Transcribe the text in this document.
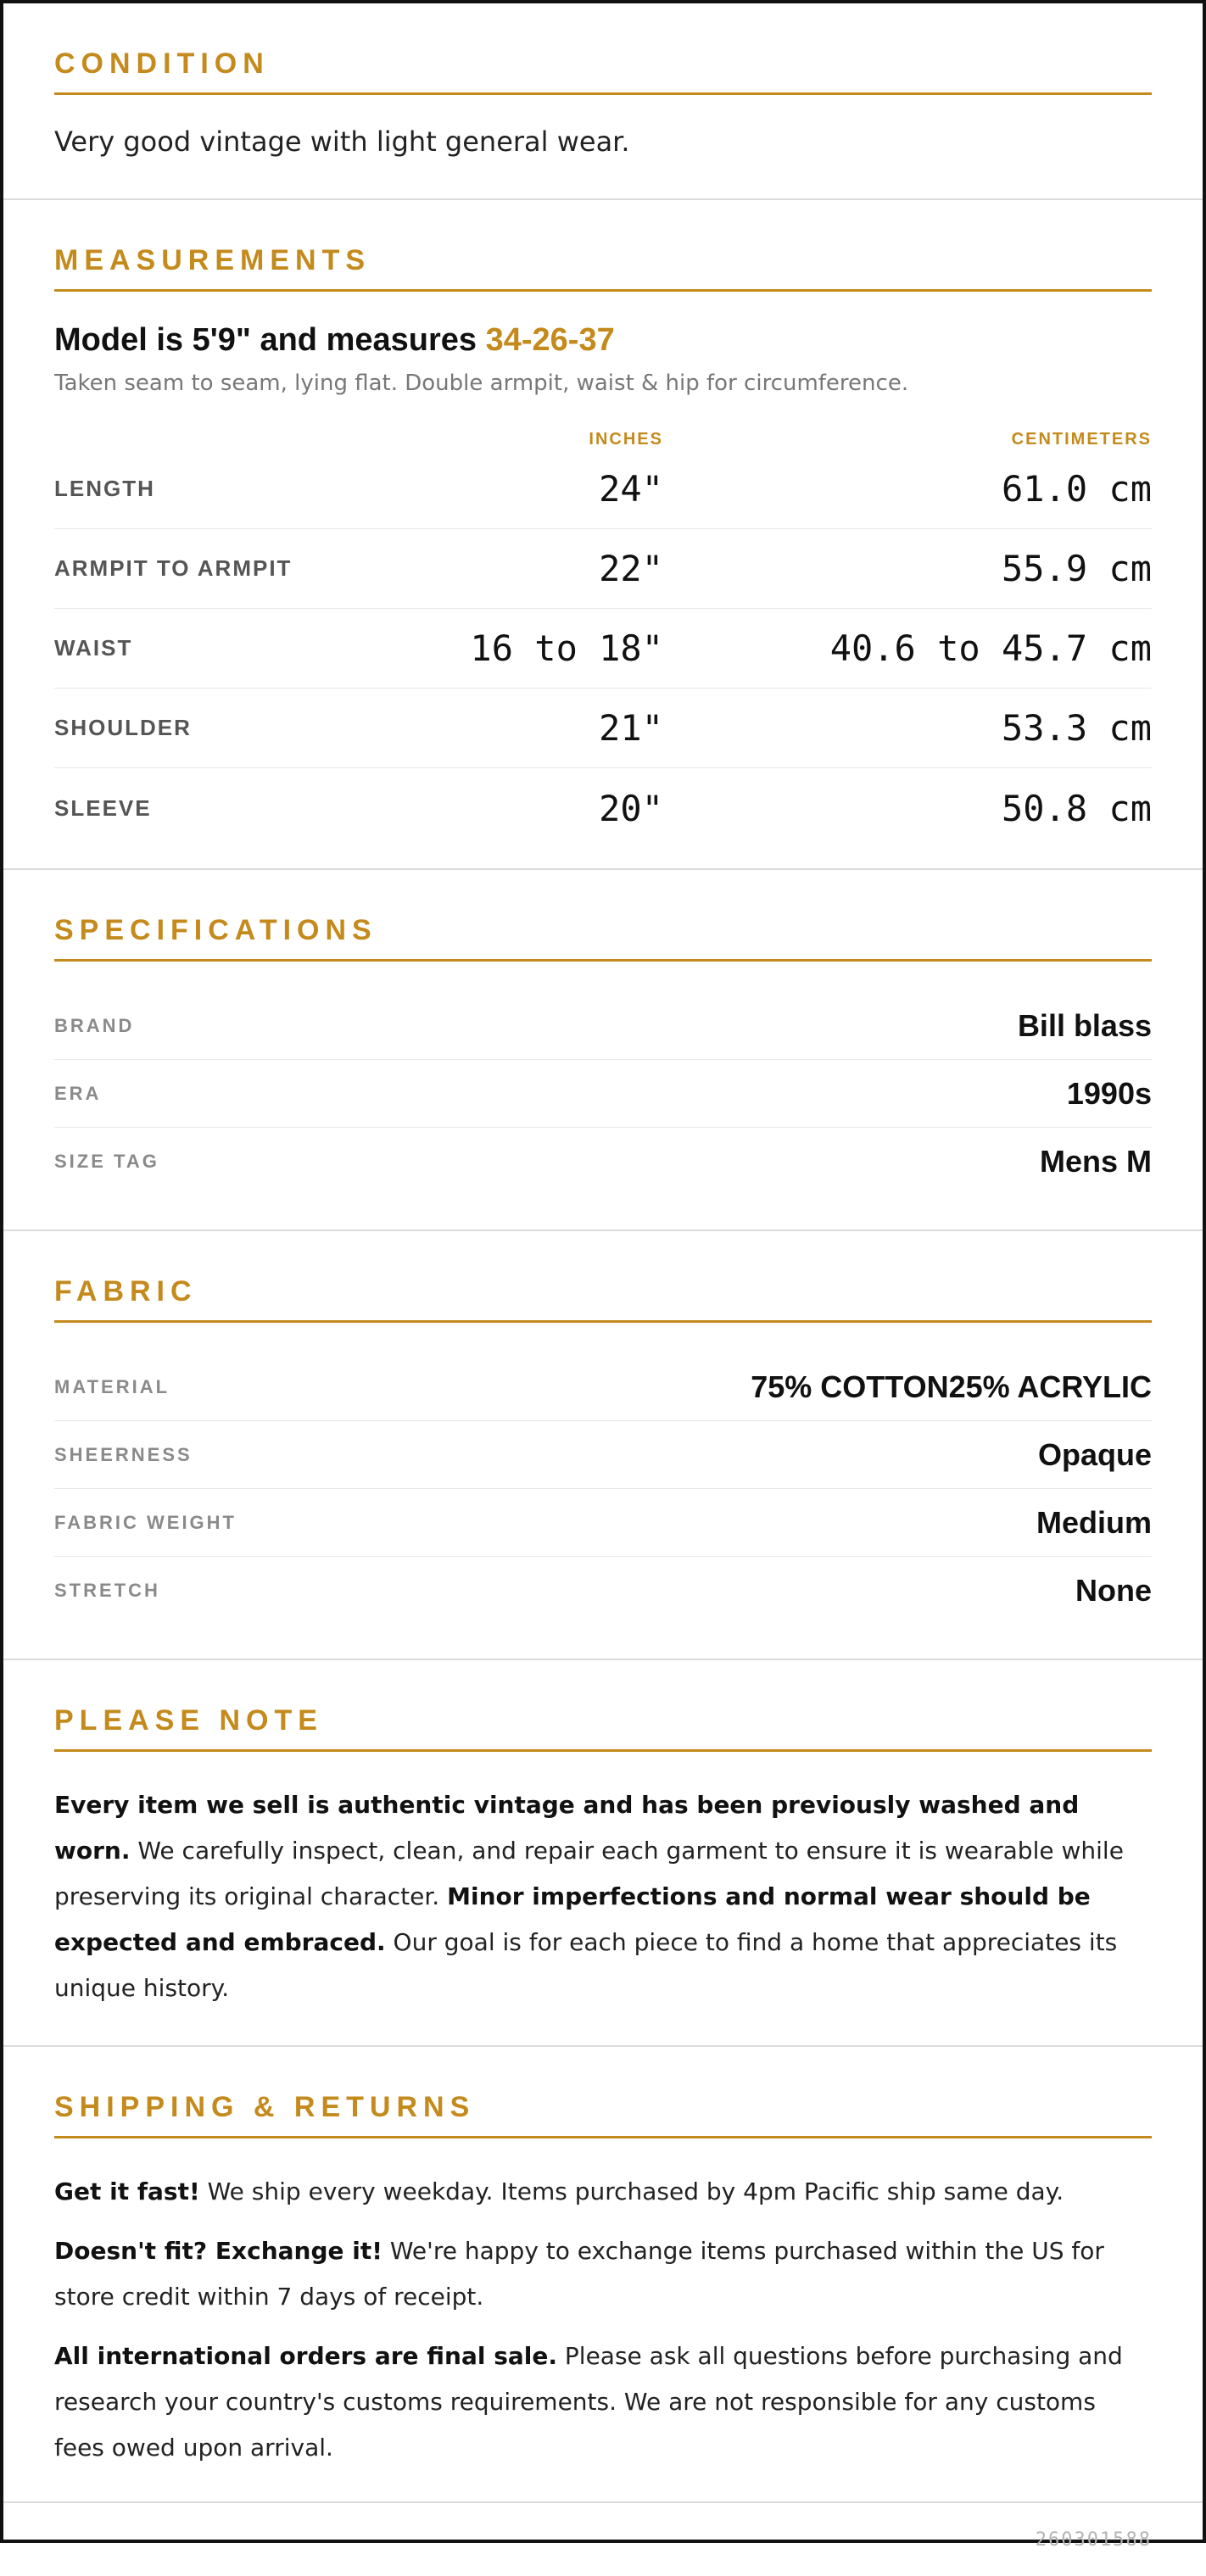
CONDITION

Very good vintage with light general wear.

MEASUREMENTS
Model is 5'9" and measures 34-26-37

Taken seam to seam, lying flat. Double armpit, waist & hip for circumference.

INCHES	CENTIMETERS
LENGTH	24"	61.0 cm
ARMPIT TO ARMPIT	22"	55.9 cm
WAIST	16 to 18"	40.6 to 45.7 cm
SHOULDER	21"	53.3 cm
SLEEVE	20"	50.8 cm
SPECIFICATIONS
BRAND	Bill blass
ERA	1990s
SIZE TAG	Mens M
FABRIC
MATERIAL	75% COTTON25% ACRYLIC
SHEERNESS	Opaque
FABRIC WEIGHT	Medium
STRETCH	None
PLEASE NOTE

Every item we sell is authentic vintage and has been previously washed and worn. We carefully inspect, clean, and repair each garment to ensure it is wearable while preserving its original character. Minor imperfections and normal wear should be expected and embraced. Our goal is for each piece to find a home that appreciates its unique history.

SHIPPING & RETURNS

Get it fast! We ship every weekday. Items purchased by 4pm Pacific ship same day.

Doesn't fit? Exchange it! We're happy to exchange items purchased within the US for store credit within 7 days of receipt.

All international orders are final sale. Please ask all questions before purchasing and research your country's customs requirements. We are not responsible for any customs fees owed upon arrival.

260301588
